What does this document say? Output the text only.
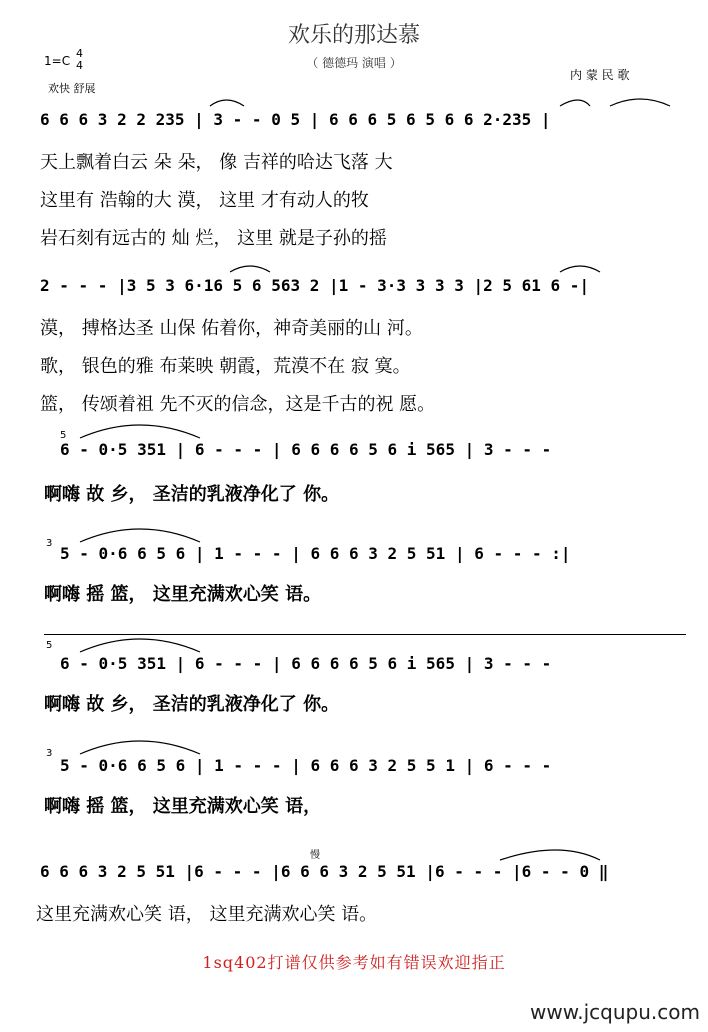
欢乐的那达慕
（ 德德玛 演唱 ）
1=C
4
4
欢快 舒展
内 蒙 民 歌
6 6 6 3 2 2 235 | 3 - - 0 5 | 6 6 6 5 6 5 6 6 2·235 |
天上飘着白云 朵 朵， 像 吉祥的哈达飞落 大
这里有 浩翰的大 漠， 这里 才有动人的牧
岩石刻有远古的 灿 烂， 这里 就是子孙的摇
2 - - - |3 5 3 6·16 5 6 563 2 |1 - 3·3 3 3 3 |2 5 61 6 -|
漠， 搏格达圣 山保 佑着你，神奇美丽的山 河。
歌， 银色的雅 布莱映 朝霞，荒漠不在 寂 寞。
篮， 传颂着祖 先不灭的信念，这是千古的祝 愿。
5
6 - 0·5 351 | 6 - - - | 6 6 6 6 5 6 i 565 | 3 - - -
啊嗨 故 乡， 圣洁的乳液净化了 你。
3
5 - 0·6 6 5 6 | 1 - - - | 6 6 6 3 2 5 51 | 6 - - - :|
啊嗨 摇 篮， 这里充满欢心笑 语。
5
6 - 0·5 351 | 6 - - - | 6 6 6 6 5 6 i 565 | 3 - - -
啊嗨 故 乡， 圣洁的乳液净化了 你。
3
5 - 0·6 6 5 6 | 1 - - - | 6 6 6 3 2 5 5 1 | 6 - - -
啊嗨 摇 篮， 这里充满欢心笑 语，
慢
6 6 6 3 2 5 51 |6 - - - |6 6 6 3 2 5 51 |6 - - - |6 - - 0 ‖
这里充满欢心笑 语， 这里充满欢心笑 语。
1sq402打谱仅供参考如有错误欢迎指正
www.jcqupu.com
